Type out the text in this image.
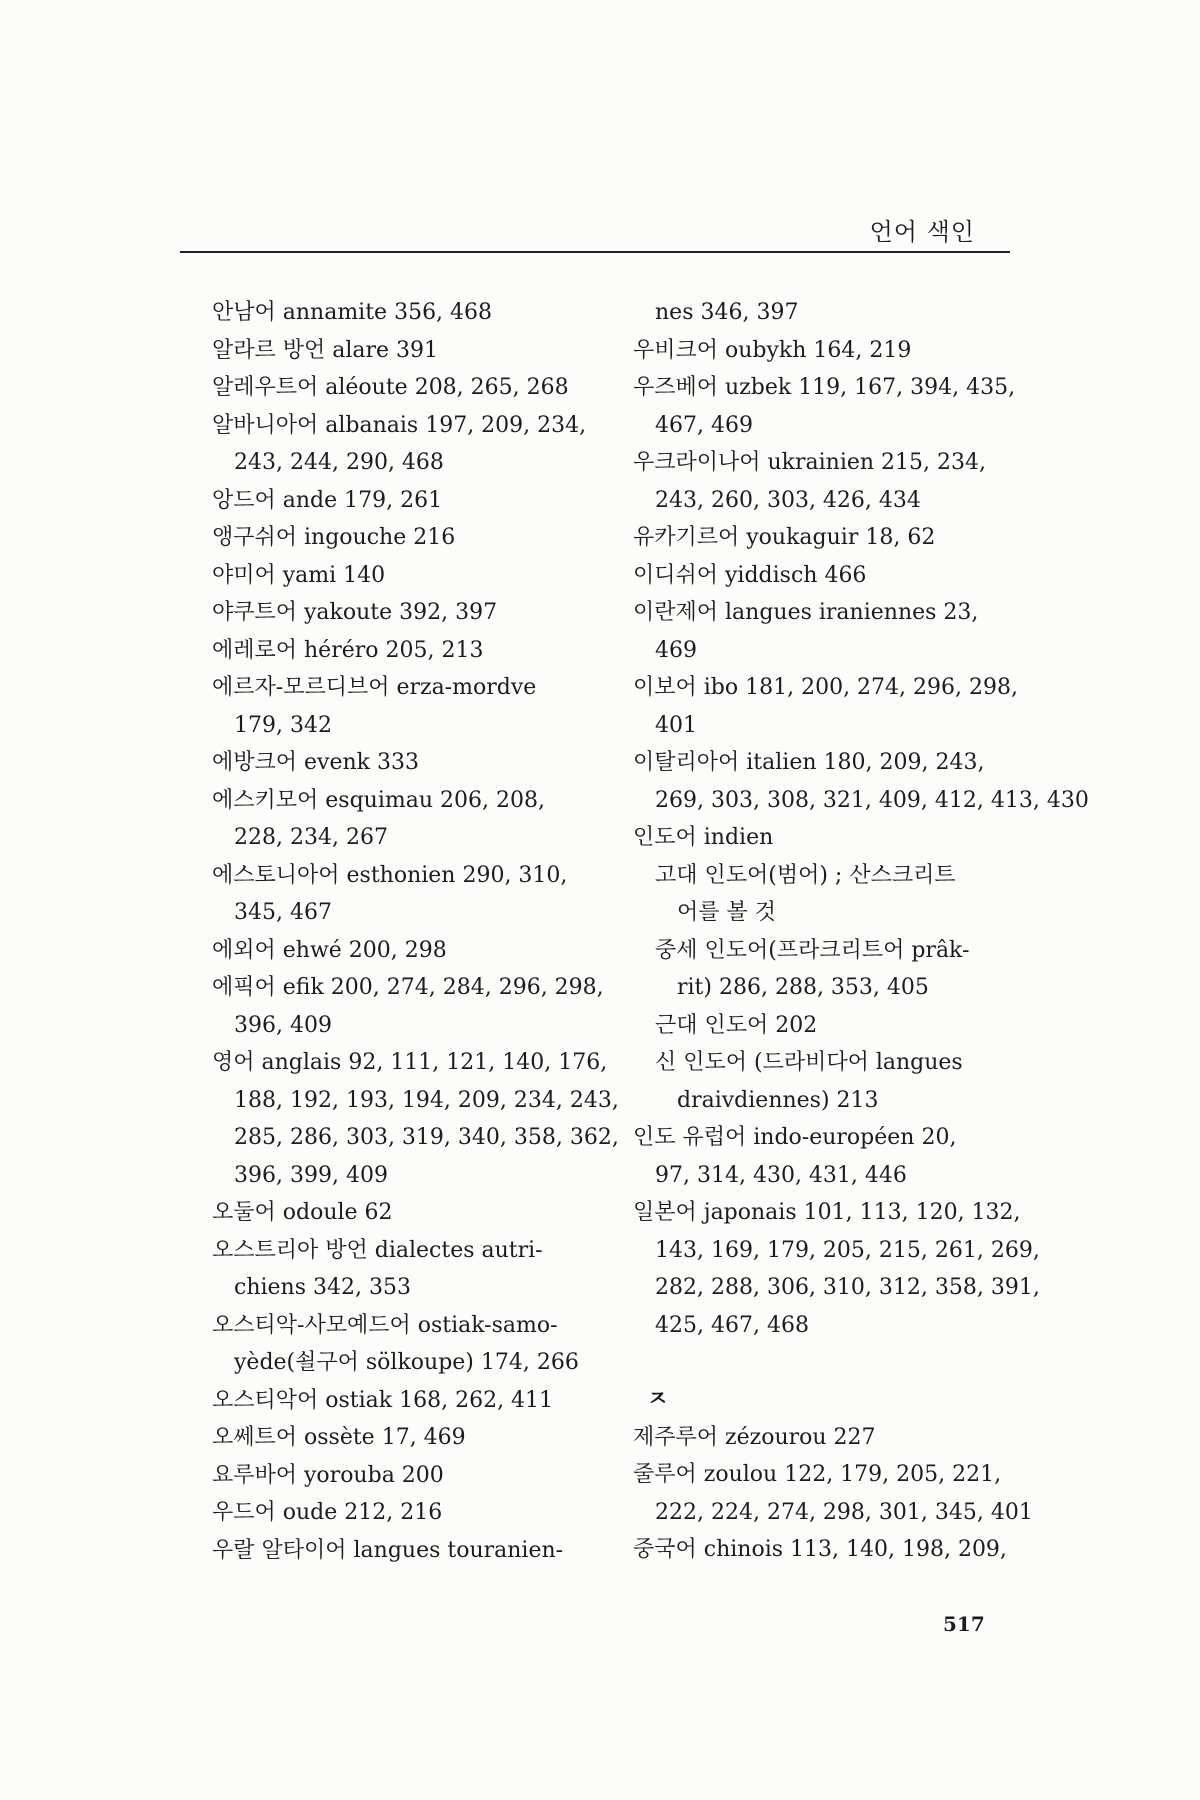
언어 색인
안남어 annamite 356, 468
알라르 방언 alare 391
알레우트어 aléoute 208, 265, 268
알바니아어 albanais 197, 209, 234,
243, 244, 290, 468
앙드어 ande 179, 261
앵구쉬어 ingouche 216
야미어 yami 140
야쿠트어 yakoute 392, 397
에레로어 héréro 205, 213
에르자-모르디브어 erza-mordve
179, 342
에방크어 evenk 333
에스키모어 esquimau 206, 208,
228, 234, 267
에스토니아어 esthonien 290, 310,
345, 467
에외어 ehwé 200, 298
에픽어 efik 200, 274, 284, 296, 298,
396, 409
영어 anglais 92, 111, 121, 140, 176,
188, 192, 193, 194, 209, 234, 243,
285, 286, 303, 319, 340, 358, 362,
396, 399, 409
오둘어 odoule 62
오스트리아 방언 dialectes autri-
chiens 342, 353
오스티악-사모예드어 ostiak-samo-
yède(쇨구어 sölkoupe) 174, 266
오스티악어 ostiak 168, 262, 411
오쎄트어 ossète 17, 469
요루바어 yorouba 200
우드어 oude 212, 216
우랄 알타이어 langues touranien-
nes 346, 397
우비크어 oubykh 164, 219
우즈베어 uzbek 119, 167, 394, 435,
467, 469
우크라이나어 ukrainien 215, 234,
243, 260, 303, 426, 434
유카기르어 youkaguir 18, 62
이디쉬어 yiddisch 466
이란제어 langues iraniennes 23,
469
이보어 ibo 181, 200, 274, 296, 298,
401
이탈리아어 italien 180, 209, 243,
269, 303, 308, 321, 409, 412, 413, 430
인도어 indien
고대 인도어(범어) ; 산스크리트
어를 볼 것
중세 인도어(프라크리트어 prâk-
rit) 286, 288, 353, 405
근대 인도어 202
신 인도어 (드라비다어 langues
draivdiennes) 213
인도 유럽어 indo-européen 20,
97, 314, 430, 431, 446
일본어 japonais 101, 113, 120, 132,
143, 169, 179, 205, 215, 261, 269,
282, 288, 306, 310, 312, 358, 391,
425, 467, 468
ㅈ
제주루어 zézourou 227
줄루어 zoulou 122, 179, 205, 221,
222, 224, 274, 298, 301, 345, 401
중국어 chinois 113, 140, 198, 209,
517
